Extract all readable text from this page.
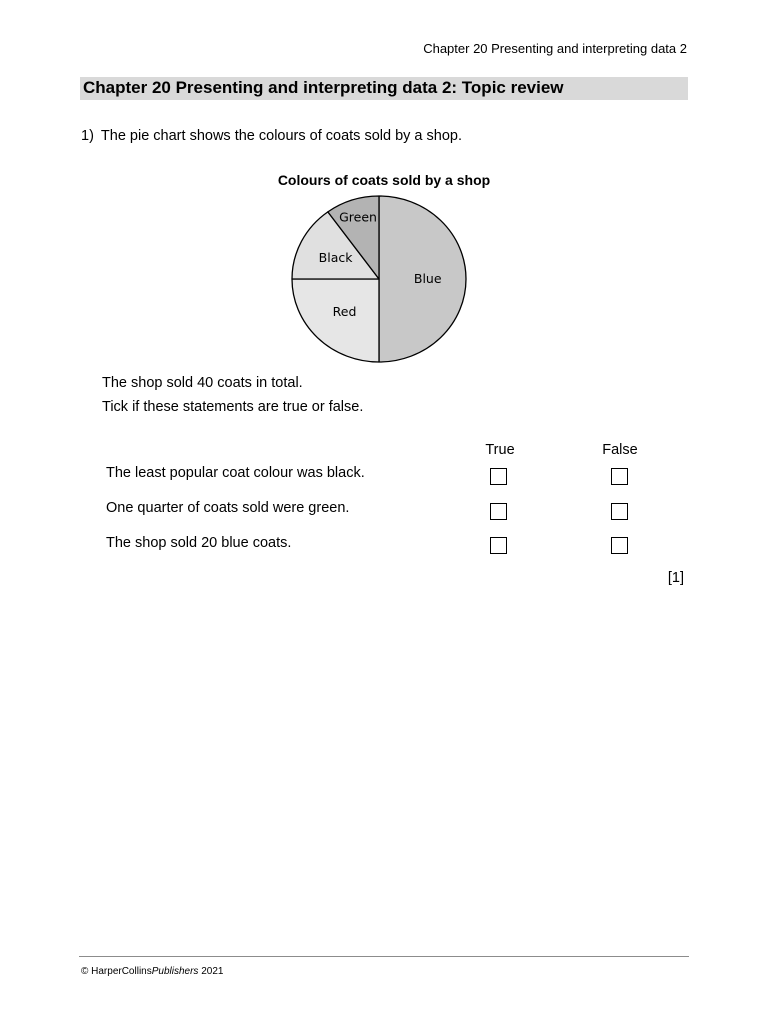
Chapter 20 Presenting and interpreting data 2
Chapter 20 Presenting and interpreting data 2: Topic review
1) The pie chart shows the colours of coats sold by a shop.
Colours of coats sold by a shop
Blue
Red
Black
Green
The shop sold 40 coats in total.
Tick if these statements are true or false.
True	False
The least popular coat colour was black.
One quarter of coats sold were green.
The shop sold 20 blue coats.
[1]
© HarperCollinsPublishers 2021
